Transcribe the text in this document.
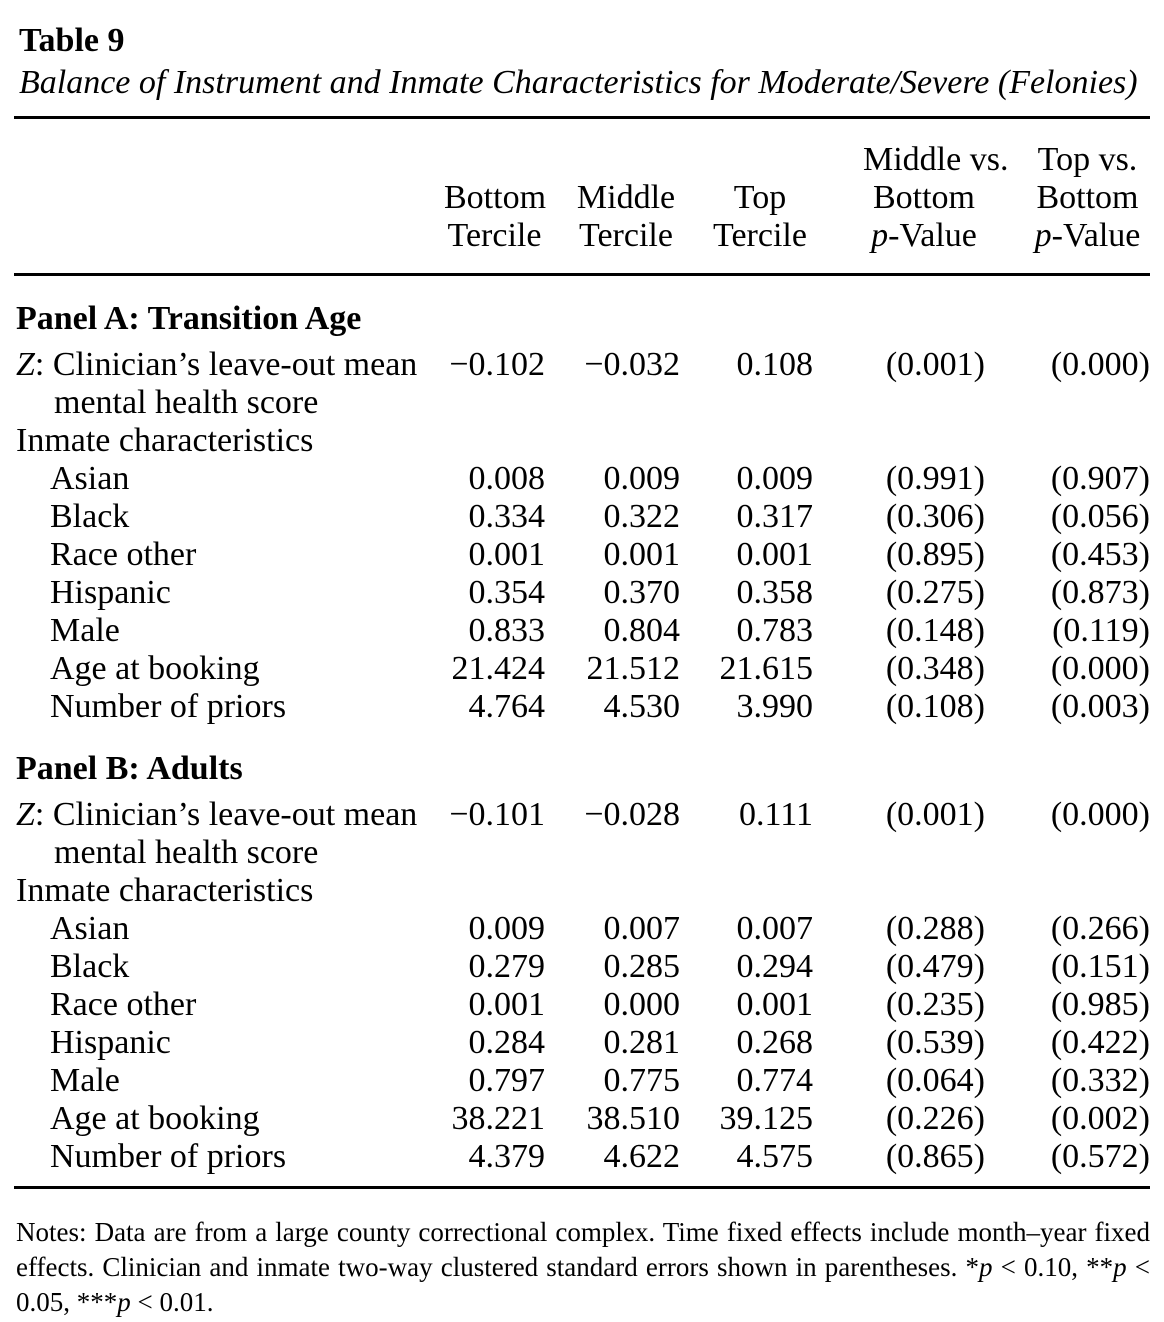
Table 9
Balance of Instrument and Inmate Characteristics for Moderate/Severe (Felonies)

Bottom
Tercile

Middle
Tercile

Top
Tercile

Middle vs.
Bottom
p-Value

Top vs.
Bottom
p-Value

Panel A: Transition Age					

Z: Clinician’s leave-out mean
mental health score	−0.102	−0.032	0.108	(0.001)	(0.000)

Inmate characteristics					

Asian	0.008	0.009	0.009	(0.991)	(0.907)

Black	0.334	0.322	0.317	(0.306)	(0.056)

Race other	0.001	0.001	0.001	(0.895)	(0.453)

Hispanic	0.354	0.370	0.358	(0.275)	(0.873)

Male	0.833	0.804	0.783	(0.148)	(0.119)

Age at booking	21.424	21.512	21.615	(0.348)	(0.000)

Number of priors	4.764	4.530	3.990	(0.108)	(0.003)
Panel B: Adults					

Z: Clinician’s leave-out mean
mental health score	−0.101	−0.028	0.111	(0.001)	(0.000)

Inmate characteristics					

Asian	0.009	0.007	0.007	(0.288)	(0.266)

Black	0.279	0.285	0.294	(0.479)	(0.151)

Race other	0.001	0.000	0.001	(0.235)	(0.985)

Hispanic	0.284	0.281	0.268	(0.539)	(0.422)

Male	0.797	0.775	0.774	(0.064)	(0.332)

Age at booking	38.221	38.510	39.125	(0.226)	(0.002)

Number of priors	4.379	4.622	4.575	(0.865)	(0.572)

Notes: Data are from a large county correctional complex. Time fixed effects include month–year fixed effects. Clinician and inmate two-way clustered standard errors shown in parentheses. *p < 0.10, **p < 0.05, ***p < 0.01.
